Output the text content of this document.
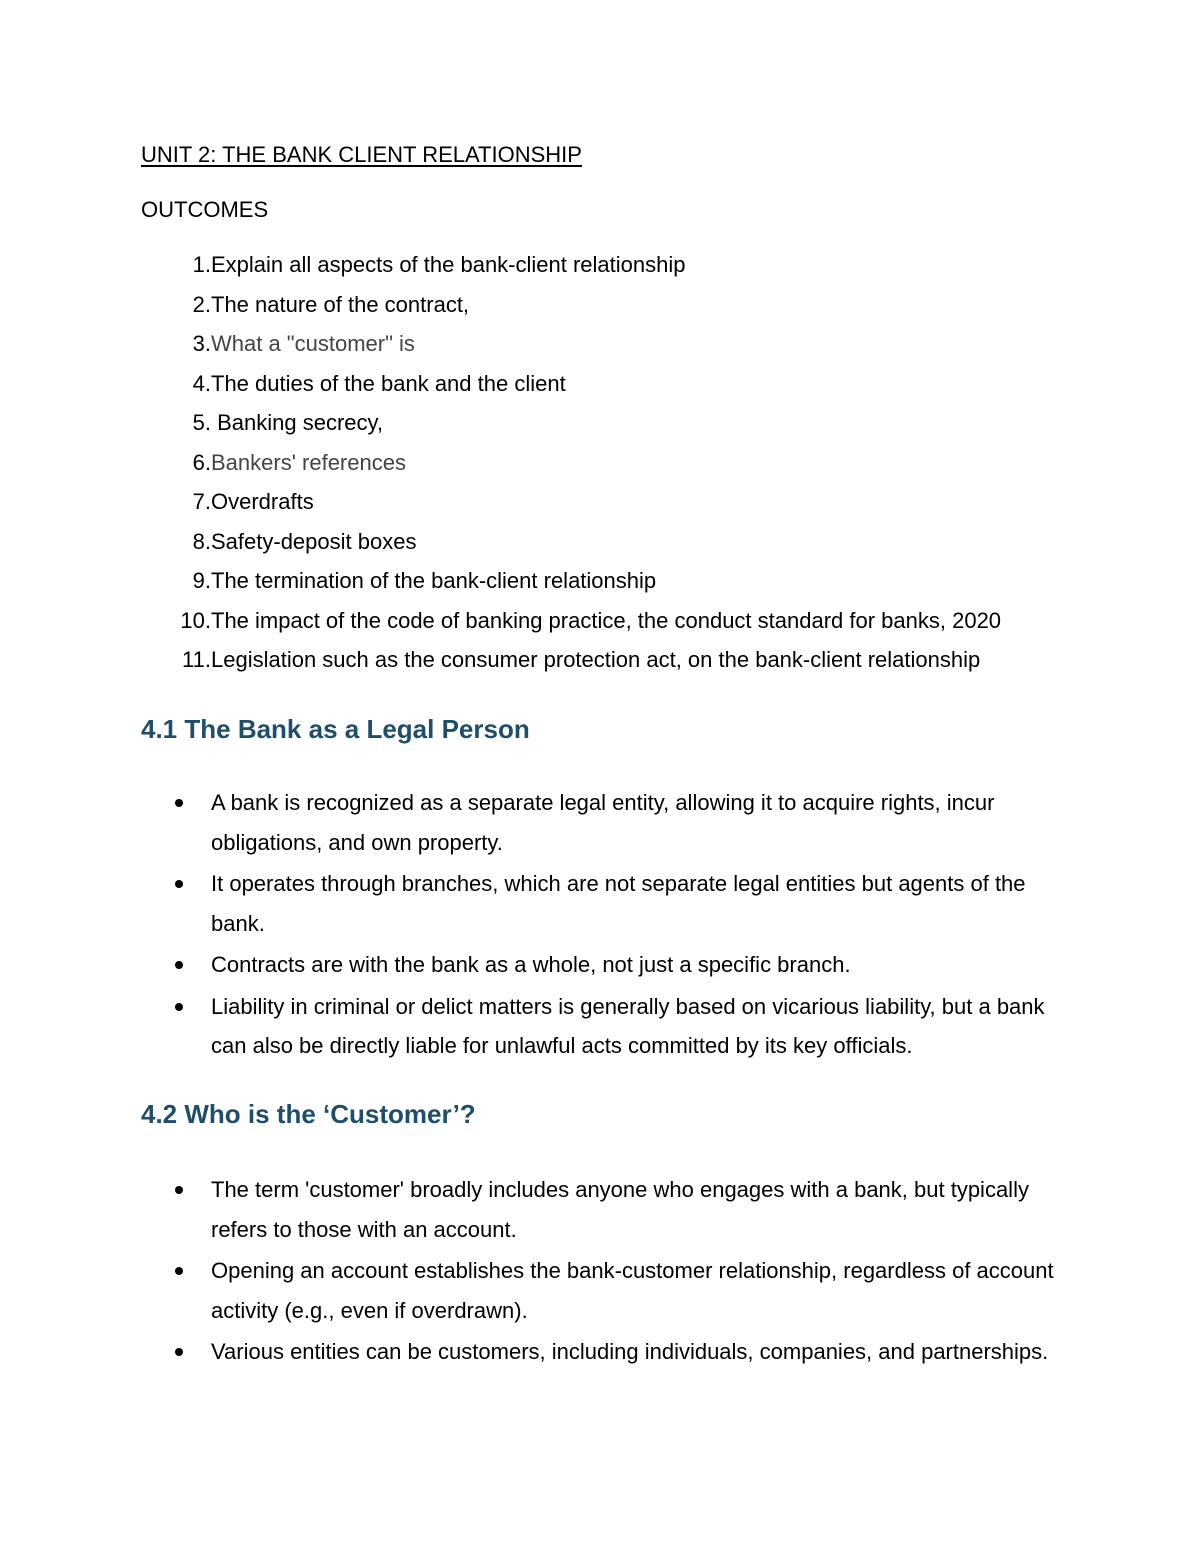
UNIT 2: THE BANK CLIENT RELATIONSHIP
OUTCOMES
1. Explain all aspects of the bank-client relationship
2. The nature of the contract,
3. What a "customer" is
4. The duties of the bank and the client
5. Banking secrecy,
6. Bankers' references
7. Overdrafts
8. Safety-deposit boxes
9. The termination of the bank-client relationship
10. The impact of the code of banking practice, the conduct standard for banks, 2020
11. Legislation such as the consumer protection act, on the bank-client relationship
4.1 The Bank as a Legal Person
A bank is recognized as a separate legal entity, allowing it to acquire rights, incur obligations, and own property.
It operates through branches, which are not separate legal entities but agents of the bank.
Contracts are with the bank as a whole, not just a specific branch.
Liability in criminal or delict matters is generally based on vicarious liability, but a bank can also be directly liable for unlawful acts committed by its key officials.
4.2 Who is the ‘Customer’?
The term 'customer' broadly includes anyone who engages with a bank, but typically refers to those with an account.
Opening an account establishes the bank-customer relationship, regardless of account activity (e.g., even if overdrawn).
Various entities can be customers, including individuals, companies, and partnerships.
